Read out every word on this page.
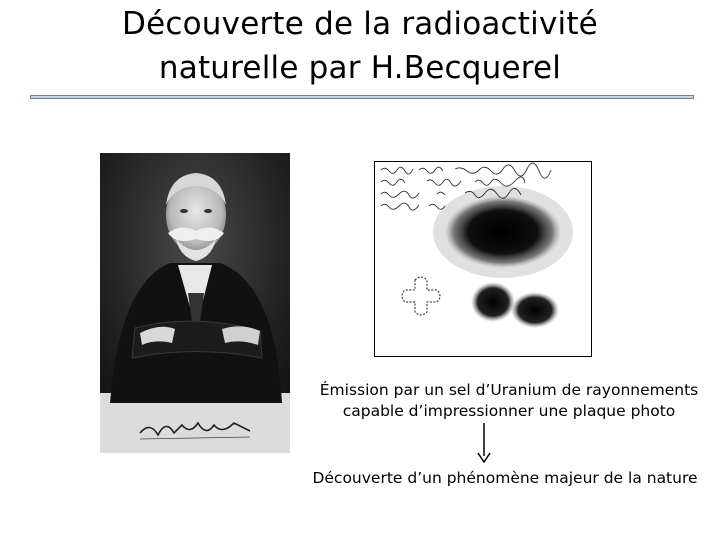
Découverte de la radioactivité
naturelle par H.Becquerel
Émission par un sel d’Uranium de rayonnements
capable d’impressionner une plaque photo
Découverte d’un phénomène majeur de la nature
